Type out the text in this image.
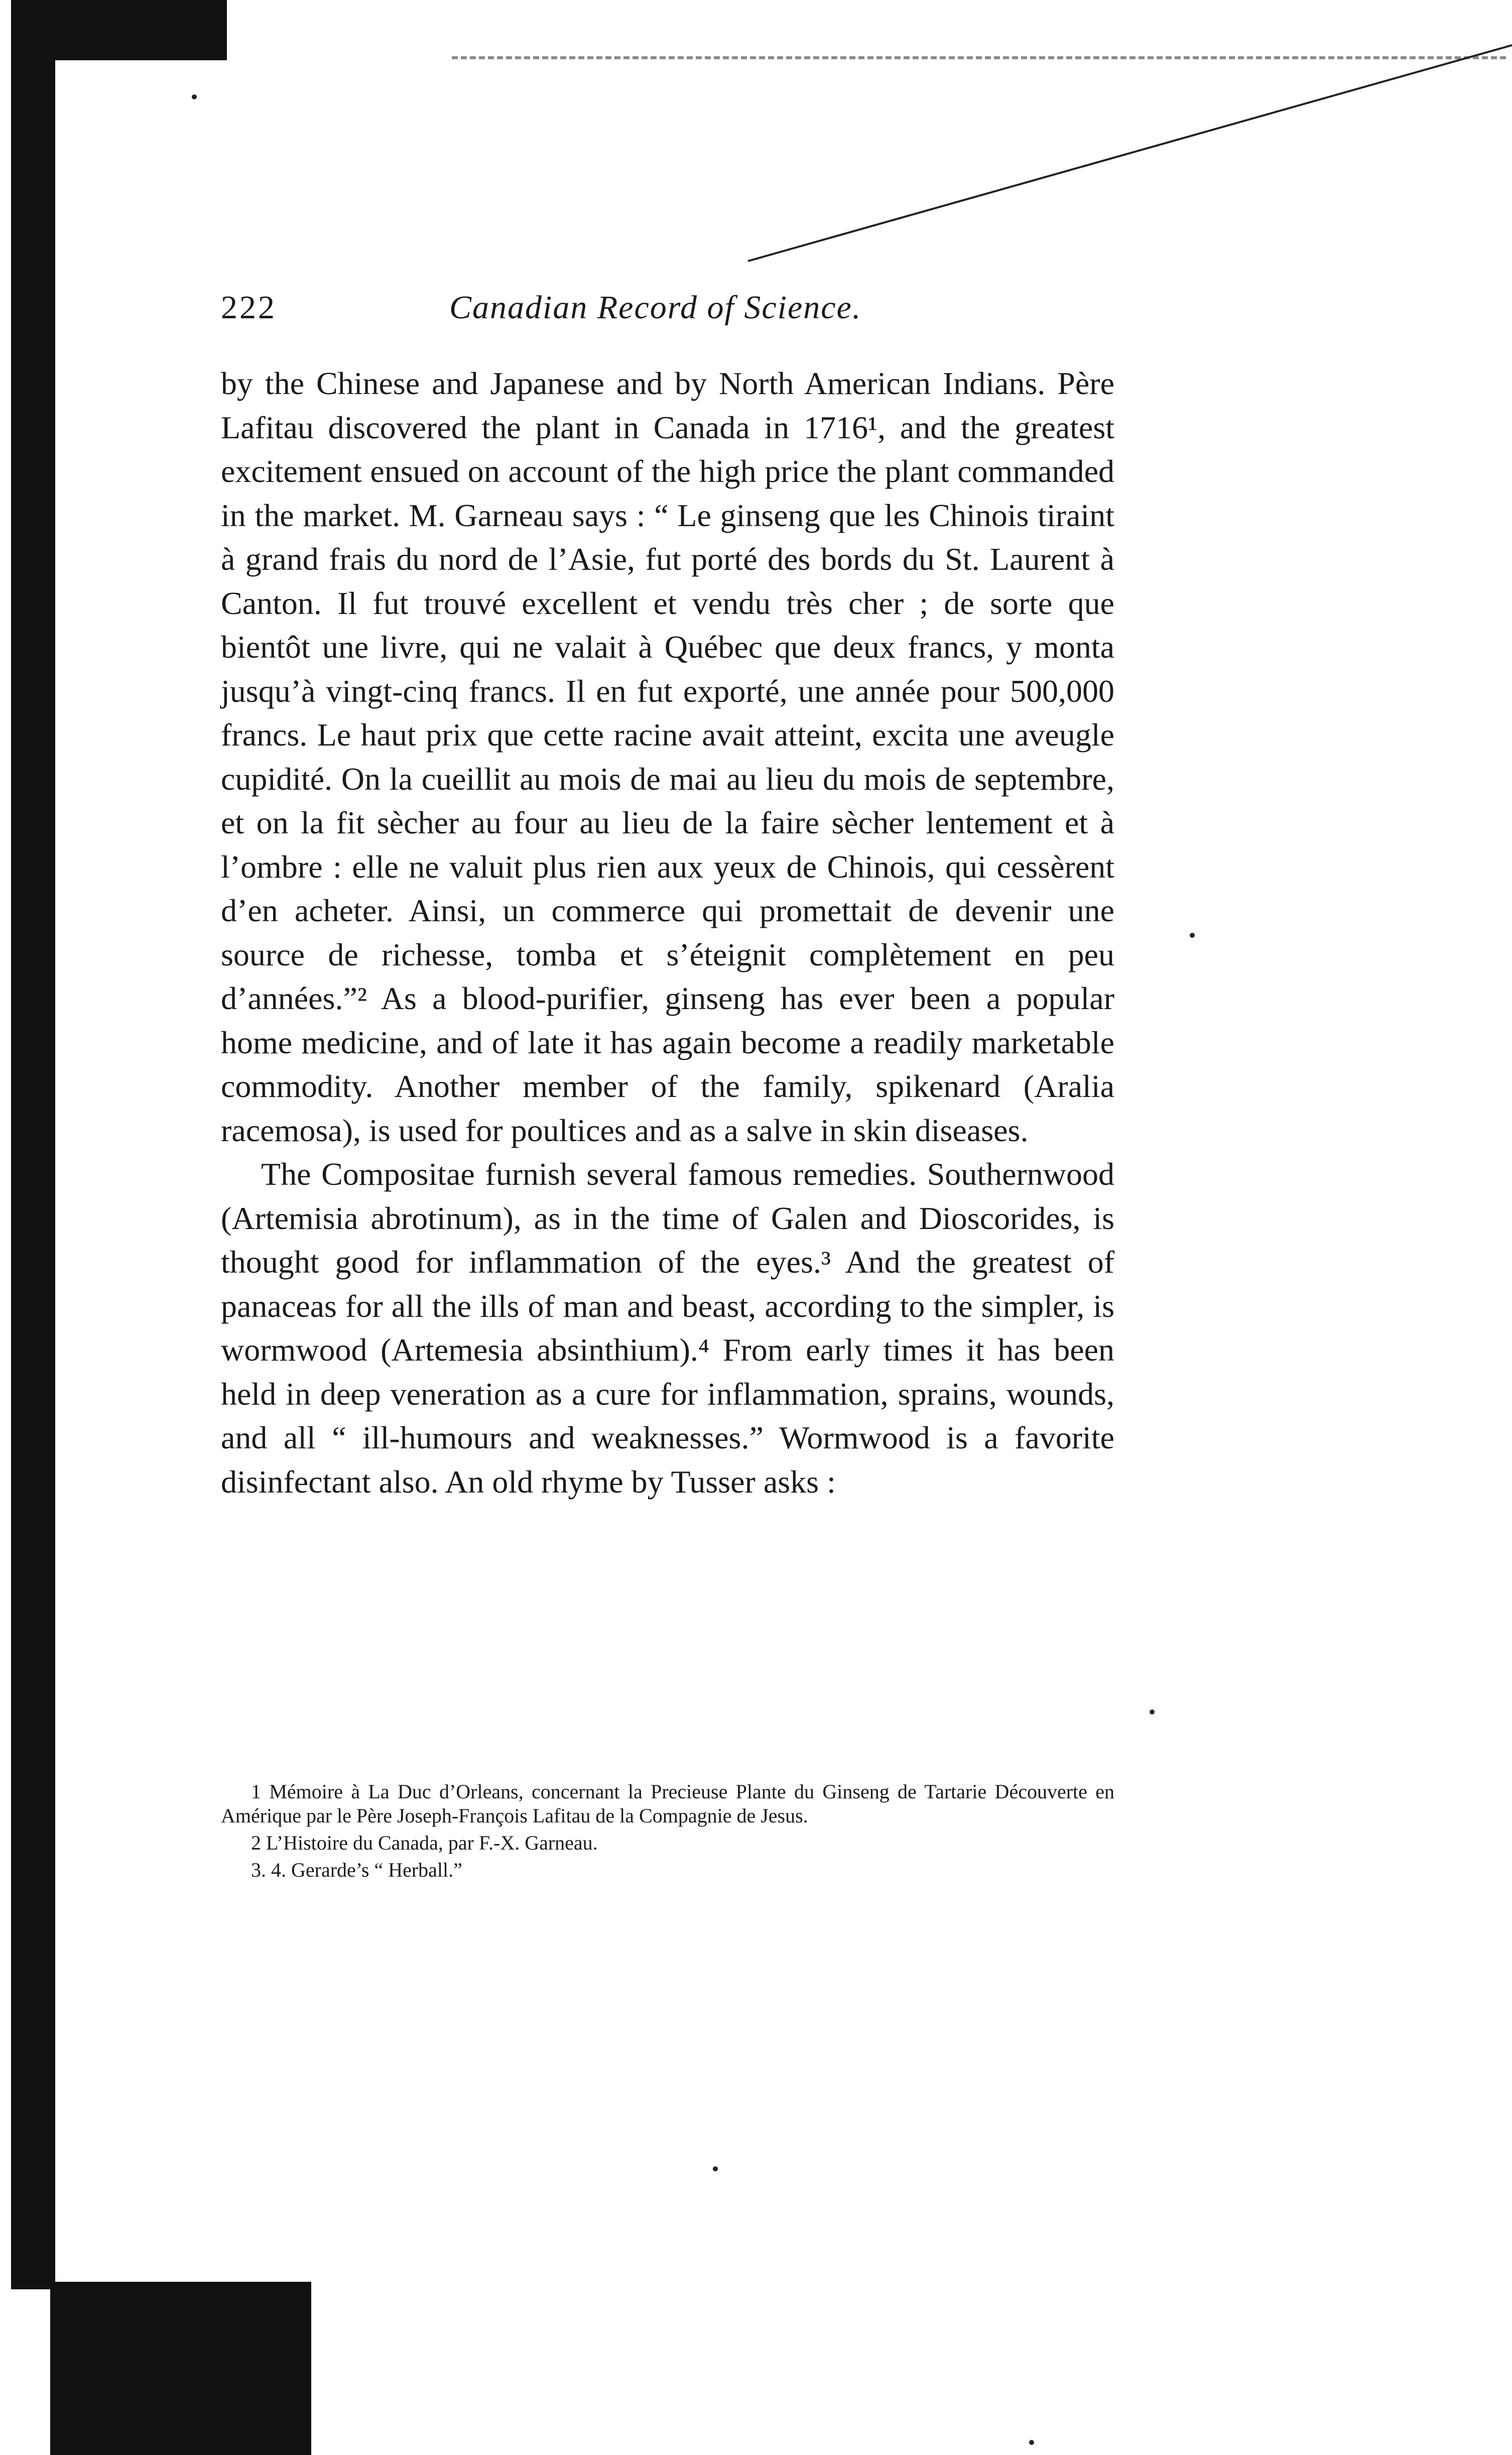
222	Canadian Record of Science.

by the Chinese and Japanese and by North American Indians. Père Lafitau discovered the plant in Canada in 1716¹, and the greatest excitement ensued on account of the high price the plant commanded in the market. M. Garneau says : “ Le ginseng que les Chinois tiraint à grand frais du nord de l’Asie, fut porté des bords du St. Laurent à Canton. Il fut trouvé excellent et vendu très cher ; de sorte que bientôt une livre, qui ne valait à Québec que deux francs, y monta jusqu’à vingt-cinq francs. Il en fut exporté, une année pour 500,000 francs. Le haut prix que cette racine avait atteint, excita une aveugle cupidité. On la cueillit au mois de mai au lieu du mois de septembre, et on la fit sècher au four au lieu de la faire sècher lentement et à l’ombre : elle ne valuit plus rien aux yeux de Chinois, qui cessèrent d’en acheter. Ainsi, un commerce qui promettait de devenir une source de richesse, tomba et s’éteignit complètement en peu d’années.”² As a blood-purifier, ginseng has ever been a popular home medicine, and of late it has again become a readily marketable commodity. Another member of the family, spikenard (Aralia racemosa), is used for poultices and as a salve in skin diseases.

The Compositae furnish several famous remedies. Southernwood (Artemisia abrotinum), as in the time of Galen and Dioscorides, is thought good for inflammation of the eyes.³ And the greatest of panaceas for all the ills of man and beast, according to the simpler, is wormwood (Artemesia absinthium).⁴ From early times it has been held in deep veneration as a cure for inflammation, sprains, wounds, and all “ ill-humours and weaknesses.” Wormwood is a favorite disinfectant also. An old rhyme by Tusser asks :

1 Mémoire à La Duc d’Orleans, concernant la Precieuse Plante du Ginseng de Tartarie Découverte en Amérique par le Père Joseph-François Lafitau de la Compagnie de Jesus.

2 L’Histoire du Canada, par F.-X. Garneau.

3. 4. Gerarde’s “ Herball.”
